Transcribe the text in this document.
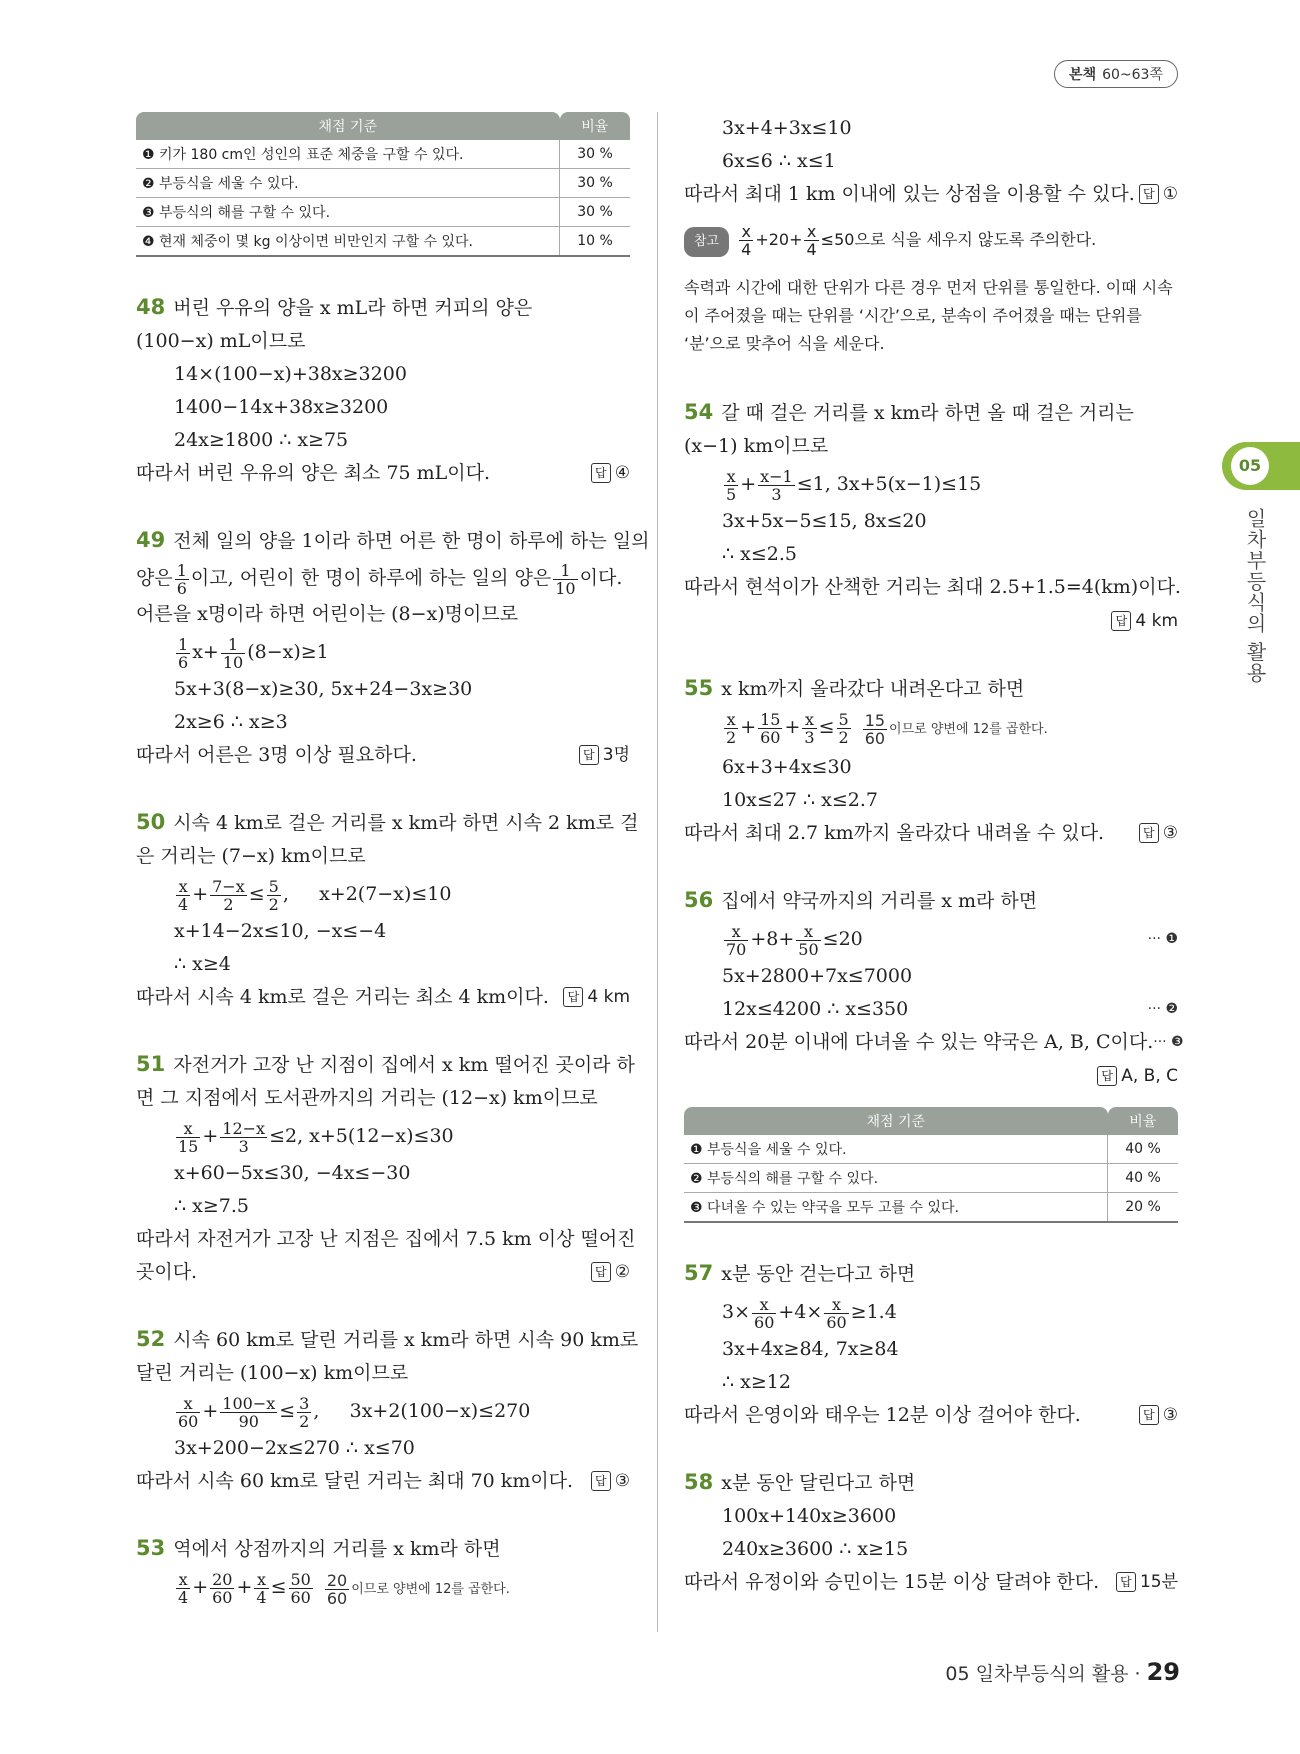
본책 60~63쪽
채점 기준	비율
❶ 키가 180 cm인 성인의 표준 체중을 구할 수 있다.	30 %
❷ 부등식을 세울 수 있다.	30 %
❸ 부등식의 해를 구할 수 있다.	30 %
❹ 현재 체중이 몇 kg 이상이면 비만인지 구할 수 있다.	10 %
48 버린 우유의 양을 x mL라 하면 커피의 양은
(100−x) mL이므로
14×(100−x)+38x≥3200
1400−14x+38x≥3200
24x≥1800 ∴ x≥75
따라서 버린 우유의 양은 최소 75 mL이다.	답 ④
49 전체 일의 양을 1이라 하면 어른 한 명이 하루에 하는 일의
양은 $\frac{1}{6}$ 이고, 어린이 한 명이 하루에 하는 일의 양은 $\frac{1}{10}$ 이다.
어른을 x명이라 하면 어린이는 (8−x)명이므로
$\frac{1}{6} x+ \frac{1}{10} (8-x)\ge 1$
5x+3(8−x)≥30, 5x+24−3x≥30
2x≥6 ∴ x≥3
따라서 어른은 3명 이상 필요하다.	답 3명
50 시속 4 km로 걸은 거리를 x km라 하면 시속 2 km로 걸
은 거리는 (7−x) km이므로
$\frac{x}{4} + \frac{7-x}{2} \le \frac{5}{2}$ ,     x+2(7−x)≤10
x+14−2x≤10, −x≤−4
∴ x≥4
따라서 시속 4 km로 걸은 거리는 최소 4 km이다.	답 4 km
51 자전거가 고장 난 지점이 집에서 x km 떨어진 곳이라 하
면 그 지점에서 도서관까지의 거리는 (12−x) km이므로
$\frac{x}{15} + \frac{12-x}{3} \le 2$, x+5(12−x)≤30
x+60−5x≤30, −4x≤−30
∴ x≥7.5
따라서 자전거가 고장 난 지점은 집에서 7.5 km 이상 떨어진
곳이다.	답 ②
52 시속 60 km로 달린 거리를 x km라 하면 시속 90 km로
달린 거리는 (100−x) km이므로
$\frac{x}{60} + \frac{100-x}{90} \le \frac{3}{2}$ ,     3x+2(100−x)≤270
3x+200−2x≤270 ∴ x≤70
따라서 시속 60 km로 달린 거리는 최대 70 km이다.	답 ③
53 역에서 상점까지의 거리를 x km라 하면
$\frac{x}{4} + \frac{20}{60} + \frac{x}{4} \le \frac{50}{60} \frac{20}{60}$ 이므로 양변에 12를 곱한다.
3x+4+3x≤10
6x≤6 ∴ x≤1
따라서 최대 1 km 이내에 있는 상점을 이용할 수 있다.	답 ①
참고 $\frac{x}{4} +20+ \frac{x}{4} \le 50$으로 식을 세우지 않도록 주의한다.
속력과 시간에 대한 단위가 다른 경우 먼저 단위를 통일한다. 이때 시속이 주어졌을 때는 단위를 ‘시간’으로, 분속이 주어졌을 때는 단위를 ‘분’으로 맞추어 식을 세운다.
54 갈 때 걸은 거리를 x km라 하면 올 때 걸은 거리는
(x−1) km이므로
$\frac{x}{5} + \frac{x-1}{3} \le 1$, 3x+5(x−1)≤15
3x+5x−5≤15, 8x≤20
∴ x≤2.5
따라서 현석이가 산책한 거리는 최대 2.5+1.5=4(km)이다.
답 4 km
55 x km까지 올라갔다 내려온다고 하면
$\frac{x}{2} + \frac{15}{60} + \frac{x}{3} \le \frac{5}{2} \frac{15}{60}$ 이므로 양변에 12를 곱한다.
6x+3+4x≤30
10x≤27 ∴ x≤2.7
따라서 최대 2.7 km까지 올라갔다 내려올 수 있다.	답 ③
56 집에서 약국까지의 거리를 x m라 하면
$\frac{x}{70} +8+ \frac{x}{50} \le 20$	··· ❶
5x+2800+7x≤7000
12x≤4200 ∴ x≤350	··· ❷
따라서 20분 이내에 다녀올 수 있는 약국은 A, B, C이다. ··· ❸
답 A, B, C
채점 기준	비율
❶ 부등식을 세울 수 있다.	40 %
❷ 부등식의 해를 구할 수 있다.	40 %
❸ 다녀올 수 있는 약국을 모두 고를 수 있다.	20 %
57 x분 동안 걷는다고 하면
$3\times \frac{x}{60} +4\times \frac{x}{60} \ge 1.4$
3x+4x≥84, 7x≥84
∴ x≥12
따라서 은영이와 태우는 12분 이상 걸어야 한다.	답 ③
58 x분 동안 달린다고 하면
100x+140x≥3600
240x≥3600 ∴ x≥15
따라서 유정이와 승민이는 15분 이상 달려야 한다.	답 15분
05
일차부등식의 활용
05 일차부등식의 활용 · 29
